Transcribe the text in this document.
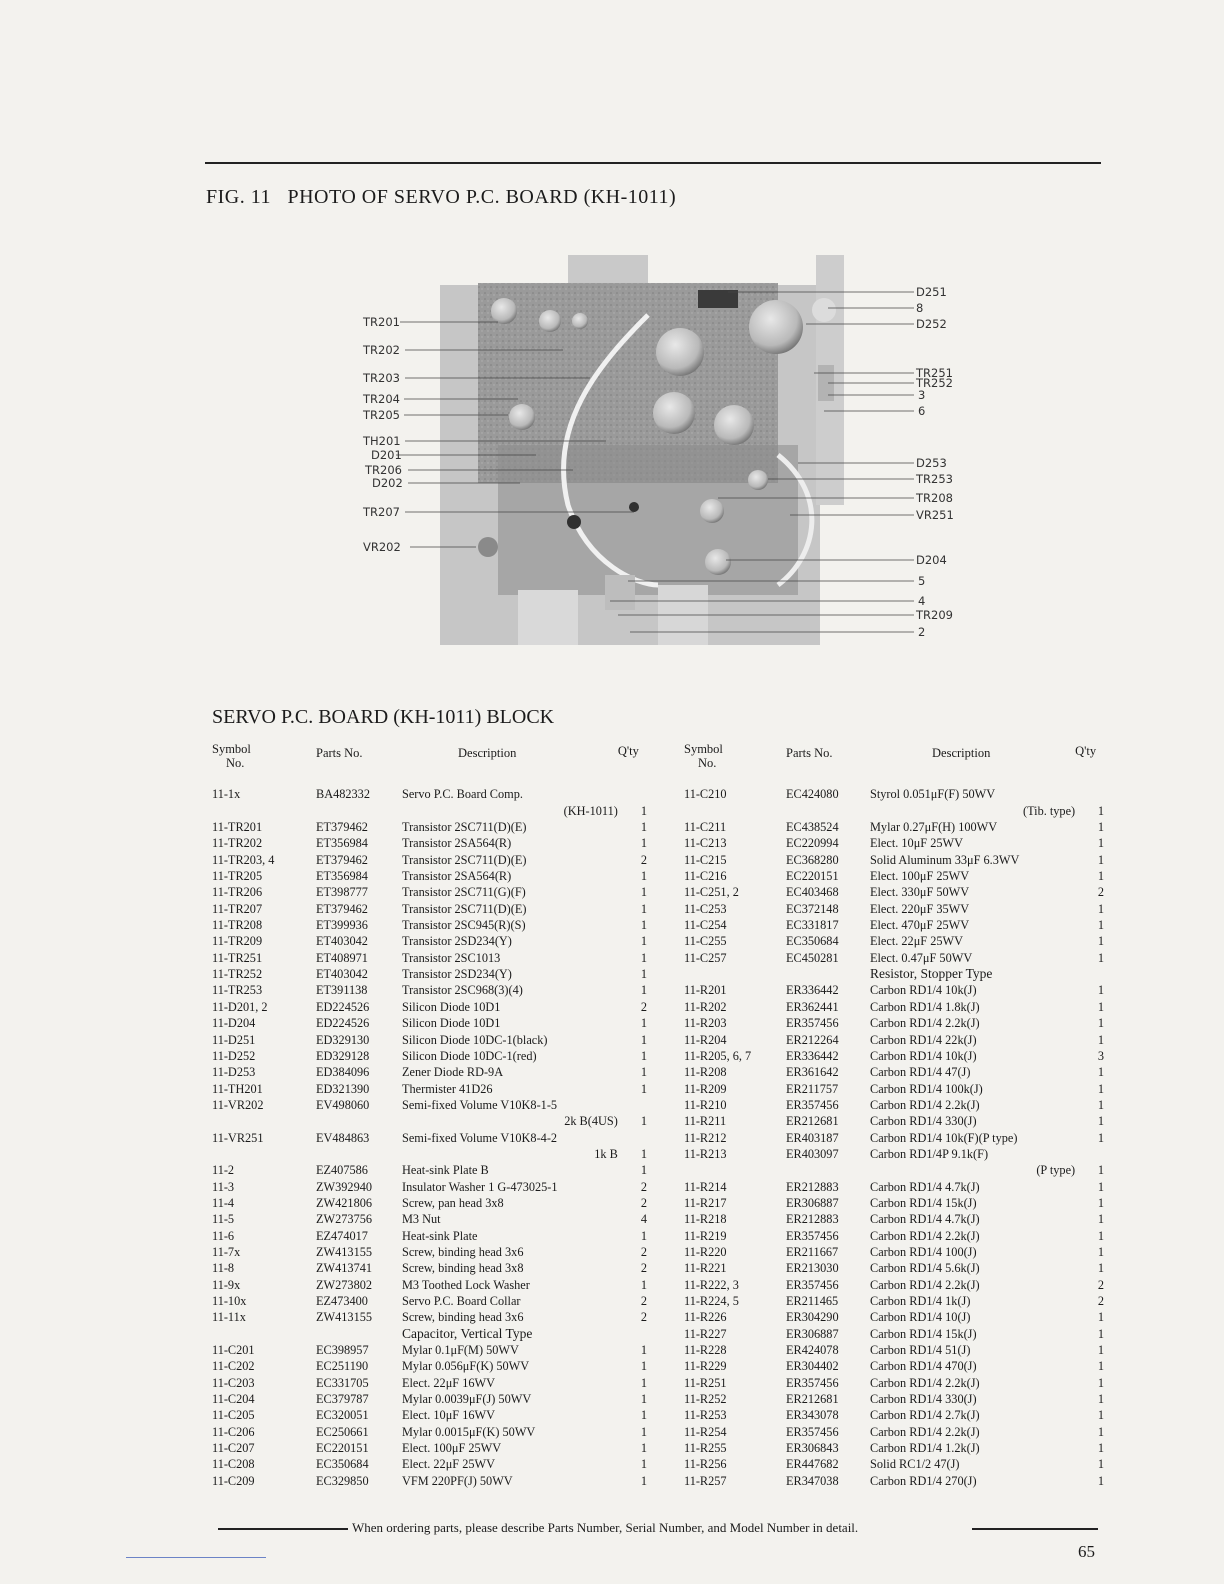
FIG. 11 PHOTO OF SERVO P.C. BOARD (KH-1011)
TR201
TR202
TR203
TR204
TR205
TH201
D201
TR206
D202
TR207
VR202
D251
8
D252
TR251
TR252
3
6
D253
TR253
TR208
VR251
D204
5
4
TR209
2
SERVO P.C. BOARD (KH-1011) BLOCK
Symbol
No.	Parts No.	Description	Q'ty

11-1x	BA482332	Servo P.C. Board Comp.	
		(KH-1011)	1
11-TR201	ET379462	Transistor 2SC711(D)(E)	1
11-TR202	ET356984	Transistor 2SA564(R)	1
11-TR203, 4	ET379462	Transistor 2SC711(D)(E)	2
11-TR205	ET356984	Transistor 2SA564(R)	1
11-TR206	ET398777	Transistor 2SC711(G)(F)	1
11-TR207	ET379462	Transistor 2SC711(D)(E)	1
11-TR208	ET399936	Transistor 2SC945(R)(S)	1
11-TR209	ET403042	Transistor 2SD234(Y)	1
11-TR251	ET408971	Transistor 2SC1013	1
11-TR252	ET403042	Transistor 2SD234(Y)	1
11-TR253	ET391138	Transistor 2SC968(3)(4)	1
11-D201, 2	ED224526	Silicon Diode 10D1	2
11-D204	ED224526	Silicon Diode 10D1	1
11-D251	ED329130	Silicon Diode 10DC-1(black)	1
11-D252	ED329128	Silicon Diode 10DC-1(red)	1
11-D253	ED384096	Zener Diode RD-9A	1
11-TH201	ED321390	Thermister 41D26	1
11-VR202	EV498060	Semi-fixed Volume V10K8-1-5	
		2k B(4US)	1
11-VR251	EV484863	Semi-fixed Volume V10K8-4-2	
		1k B	1
11-2	EZ407586	Heat-sink Plate B	1
11-3	ZW392940	Insulator Washer 1 G-473025-1	2
11-4	ZW421806	Screw, pan head 3x8	2
11-5	ZW273756	M3 Nut	4
11-6	EZ474017	Heat-sink Plate	1
11-7x	ZW413155	Screw, binding head 3x6	2
11-8	ZW413741	Screw, binding head 3x8	2
11-9x	ZW273802	M3 Toothed Lock Washer	1
11-10x	EZ473400	Servo P.C. Board Collar	2
11-11x	ZW413155	Screw, binding head 3x6	2
		Capacitor, Vertical Type	
11-C201	EC398957	Mylar 0.1μF(M) 50WV	1
11-C202	EC251190	Mylar 0.056μF(K) 50WV	1
11-C203	EC331705	Elect. 22μF 16WV	1
11-C204	EC379787	Mylar 0.0039μF(J) 50WV	1
11-C205	EC320051	Elect. 10μF 16WV	1
11-C206	EC250661	Mylar 0.0015μF(K) 50WV	1
11-C207	EC220151	Elect. 100μF 25WV	1
11-C208	EC350684	Elect. 22μF 25WV	1
11-C209	EC329850	VFM 220PF(J) 50WV	1
Symbol
No.	Parts No.	Description	Q'ty

11-C210	EC424080	Styrol 0.051μF(F) 50WV	
		(Tib. type)	1
11-C211	EC438524	Mylar 0.27μF(H) 100WV	1
11-C213	EC220994	Elect. 10μF 25WV	1
11-C215	EC368280	Solid Aluminum 33μF 6.3WV	1
11-C216	EC220151	Elect. 100μF 25WV	1
11-C251, 2	EC403468	Elect. 330μF 50WV	2
11-C253	EC372148	Elect. 220μF 35WV	1
11-C254	EC331817	Elect. 470μF 25WV	1
11-C255	EC350684	Elect. 22μF 25WV	1
11-C257	EC450281	Elect. 0.47μF 50WV	1
		Resistor, Stopper Type	
11-R201	ER336442	Carbon RD1/4 10k(J)	1
11-R202	ER362441	Carbon RD1/4 1.8k(J)	1
11-R203	ER357456	Carbon RD1/4 2.2k(J)	1
11-R204	ER212264	Carbon RD1/4 22k(J)	1
11-R205, 6, 7	ER336442	Carbon RD1/4 10k(J)	3
11-R208	ER361642	Carbon RD1/4 47(J)	1
11-R209	ER211757	Carbon RD1/4 100k(J)	1
11-R210	ER357456	Carbon RD1/4 2.2k(J)	1
11-R211	ER212681	Carbon RD1/4 330(J)	1
11-R212	ER403187	Carbon RD1/4 10k(F)(P type)	1
11-R213	ER403097	Carbon RD1/4P 9.1k(F)	
		(P type)	1
11-R214	ER212883	Carbon RD1/4 4.7k(J)	1
11-R217	ER306887	Carbon RD1/4 15k(J)	1
11-R218	ER212883	Carbon RD1/4 4.7k(J)	1
11-R219	ER357456	Carbon RD1/4 2.2k(J)	1
11-R220	ER211667	Carbon RD1/4 100(J)	1
11-R221	ER213030	Carbon RD1/4 5.6k(J)	1
11-R222, 3	ER357456	Carbon RD1/4 2.2k(J)	2
11-R224, 5	ER211465	Carbon RD1/4 1k(J)	2
11-R226	ER304290	Carbon RD1/4 10(J)	1
11-R227	ER306887	Carbon RD1/4 15k(J)	1
11-R228	ER424078	Carbon RD1/4 51(J)	1
11-R229	ER304402	Carbon RD1/4 470(J)	1
11-R251	ER357456	Carbon RD1/4 2.2k(J)	1
11-R252	ER212681	Carbon RD1/4 330(J)	1
11-R253	ER343078	Carbon RD1/4 2.7k(J)	1
11-R254	ER357456	Carbon RD1/4 2.2k(J)	1
11-R255	ER306843	Carbon RD1/4 1.2k(J)	1
11-R256	ER447682	Solid RC1/2 47(J)	1
11-R257	ER347038	Carbon RD1/4 270(J)	1
When ordering parts, please describe Parts Number, Serial Number, and Model Number in detail.
65
